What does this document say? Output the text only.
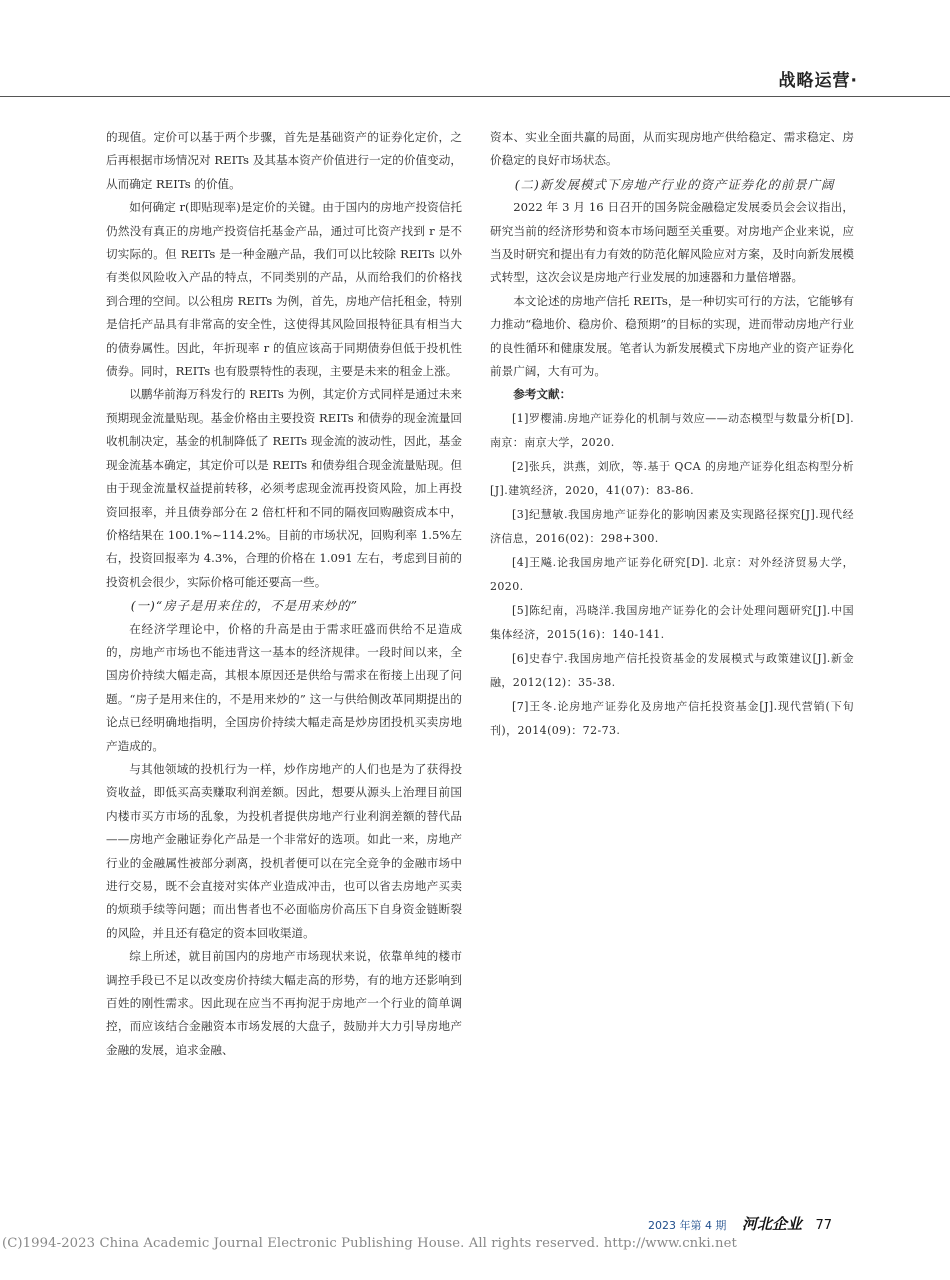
战略运营·

的现值。定价可以基于两个步骤，首先是基础资产的证券化定价，之后再根据市场情况对 REITs 及其基本资产价值进行一定的价值变动，从而确定 REITs 的价值。

如何确定 r(即贴现率)是定价的关键。由于国内的房地产投资信托仍然没有真正的房地产投资信托基金产品，通过可比资产找到 r 是不切实际的。但 REITs 是一种金融产品，我们可以比较除 REITs 以外有类似风险收入产品的特点，不同类别的产品，从而给我们的价格找到合理的空间。以公租房 REITs 为例，首先，房地产信托租金，特别是信托产品具有非常高的安全性，这使得其风险回报特征具有相当大的债券属性。因此，年折现率 r 的值应该高于同期债券但低于投机性债券。同时，REITs 也有股票特性的表现，主要是未来的租金上涨。

以鹏华前海万科发行的 REITs 为例，其定价方式同样是通过未来预期现金流量贴现。基金价格由主要投资 REITs 和债券的现金流量回收机制决定，基金的机制降低了 REITs 现金流的波动性，因此，基金现金流基本确定，其定价可以是 REITs 和债券组合现金流量贴现。但由于现金流量权益提前转移，必须考虑现金流再投资风险，加上再投资回报率，并且债券部分在 2 倍杠杆和不同的隔夜回购融资成本中，价格结果在 100.1%~114.2%。目前的市场状况，回购利率 1.5%左右，投资回报率为 4.3%，合理的价格在 1.091 左右，考虑到目前的投资机会很少，实际价格可能还要高一些。

(一)“房子是用来住的，不是用来炒的”

在经济学理论中，价格的升高是由于需求旺盛而供给不足造成的，房地产市场也不能违背这一基本的经济规律。一段时间以来，全国房价持续大幅走高，其根本原因还是供给与需求在衔接上出现了问题。“房子是用来住的，不是用来炒的” 这一与供给侧改革同期提出的论点已经明确地指明，全国房价持续大幅走高是炒房团投机买卖房地产造成的。

与其他领域的投机行为一样，炒作房地产的人们也是为了获得投资收益，即低买高卖赚取利润差额。因此，想要从源头上治理目前国内楼市买方市场的乱象，为投机者提供房地产行业利润差额的替代品——房地产金融证券化产品是一个非常好的选项。如此一来，房地产行业的金融属性被部分剥离，投机者便可以在完全竞争的金融市场中进行交易，既不会直接对实体产业造成冲击，也可以省去房地产买卖的烦琐手续等问题；而出售者也不必面临房价高压下自身资金链断裂的风险，并且还有稳定的资本回收渠道。

综上所述，就目前国内的房地产市场现状来说，依靠单纯的楼市调控手段已不足以改变房价持续大幅走高的形势，有的地方还影响到百姓的刚性需求。因此现在应当不再拘泥于房地产一个行业的简单调控，而应该结合金融资本市场发展的大盘子，鼓励并大力引导房地产金融的发展，追求金融、

资本、实业全面共赢的局面，从而实现房地产供给稳定、需求稳定、房价稳定的良好市场状态。

(二)新发展模式下房地产行业的资产证券化的前景广阔

2022 年 3 月 16 日召开的国务院金融稳定发展委员会会议指出，研究当前的经济形势和资本市场问题至关重要。对房地产企业来说，应当及时研究和提出有力有效的防范化解风险应对方案，及时向新发展模式转型，这次会议是房地产行业发展的加速器和力量倍增器。

本文论述的房地产信托 REITs，是一种切实可行的方法，它能够有力推动“稳地价、稳房价、稳预期”的目标的实现，进而带动房地产行业的良性循环和健康发展。笔者认为新发展模式下房地产业的资产证券化前景广阔，大有可为。

参考文献：

[1]罗樱浦.房地产证券化的机制与效应——动态模型与数量分析[D].南京：南京大学，2020.

[2]张兵，洪燕，刘欣，等.基于 QCA 的房地产证券化组态构型分析[J].建筑经济，2020，41(07)：83-86.

[3]纪慧敏.我国房地产证券化的影响因素及实现路径探究[J].现代经济信息，2016(02)：298+300.

[4]王飚.论我国房地产证券化研究[D]. 北京：对外经济贸易大学，2020.

[5]陈纪南，冯晓洋.我国房地产证券化的会计处理问题研究[J].中国集体经济，2015(16)：140-141.

[6]史春宁.我国房地产信托投资基金的发展模式与政策建议[J].新金融，2012(12)：35-38.

[7]王冬.论房地产证券化及房地产信托投资基金[J].现代营销(下旬刊)，2014(09)：72-73.

2023 年第 4 期 河北企业 77
(C)1994-2023 China Academic Journal Electronic Publishing House. All rights reserved. http://www.cnki.net
